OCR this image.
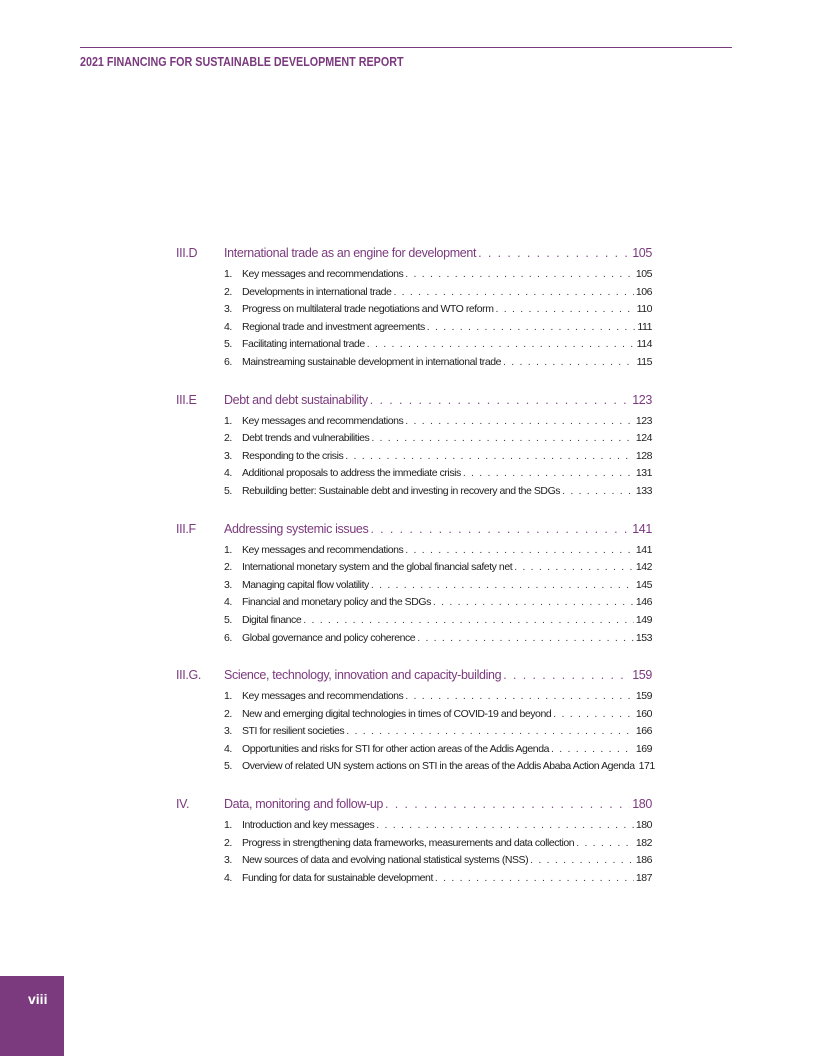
2021 FINANCING FOR SUSTAINABLE DEVELOPMENT REPORT
III.D	International trade as an engine for development . . .	105
1. Key messages and recommendations . . .	105
2. Developments in international trade . . .	106
3. Progress on multilateral trade negotiations and WTO reform . . .	110
4. Regional trade and investment agreements . . .	111
5. Facilitating international trade . . .	114
6. Mainstreaming sustainable development in international trade . . .	115
III.E	Debt and debt sustainability . . .	123
1. Key messages and recommendations . . .	123
2. Debt trends and vulnerabilities . . .	124
3. Responding to the crisis . . .	128
4. Additional proposals to address the immediate crisis . . .	131
5. Rebuilding better: Sustainable debt and investing in recovery and the SDGs . . .	133
III.F	Addressing systemic issues . . .	141
1. Key messages and recommendations . . .	141
2. International monetary system and the global financial safety net . . .	142
3. Managing capital flow volatility . . .	145
4. Financial and monetary policy and the SDGs . . .	146
5. Digital finance . . .	149
6. Global governance and policy coherence . . .	153
III.G.	Science, technology, innovation and capacity-building . . .	159
1. Key messages and recommendations . . .	159
2. New and emerging digital technologies in times of COVID-19 and beyond . . .	160
3. STI for resilient societies . . .	166
4. Opportunities and risks for STI for other action areas of the Addis Agenda . . .	169
5. Overview of related UN system actions on STI in the areas of the Addis Ababa Action Agenda 171
IV.	Data, monitoring and follow-up . . .	180
1. Introduction and key messages . . .	180
2. Progress in strengthening data frameworks, measurements and data collection . . .	182
3. New sources of data and evolving national statistical systems (NSS) . . .	186
4. Funding for data for sustainable development . . .	187
viii
